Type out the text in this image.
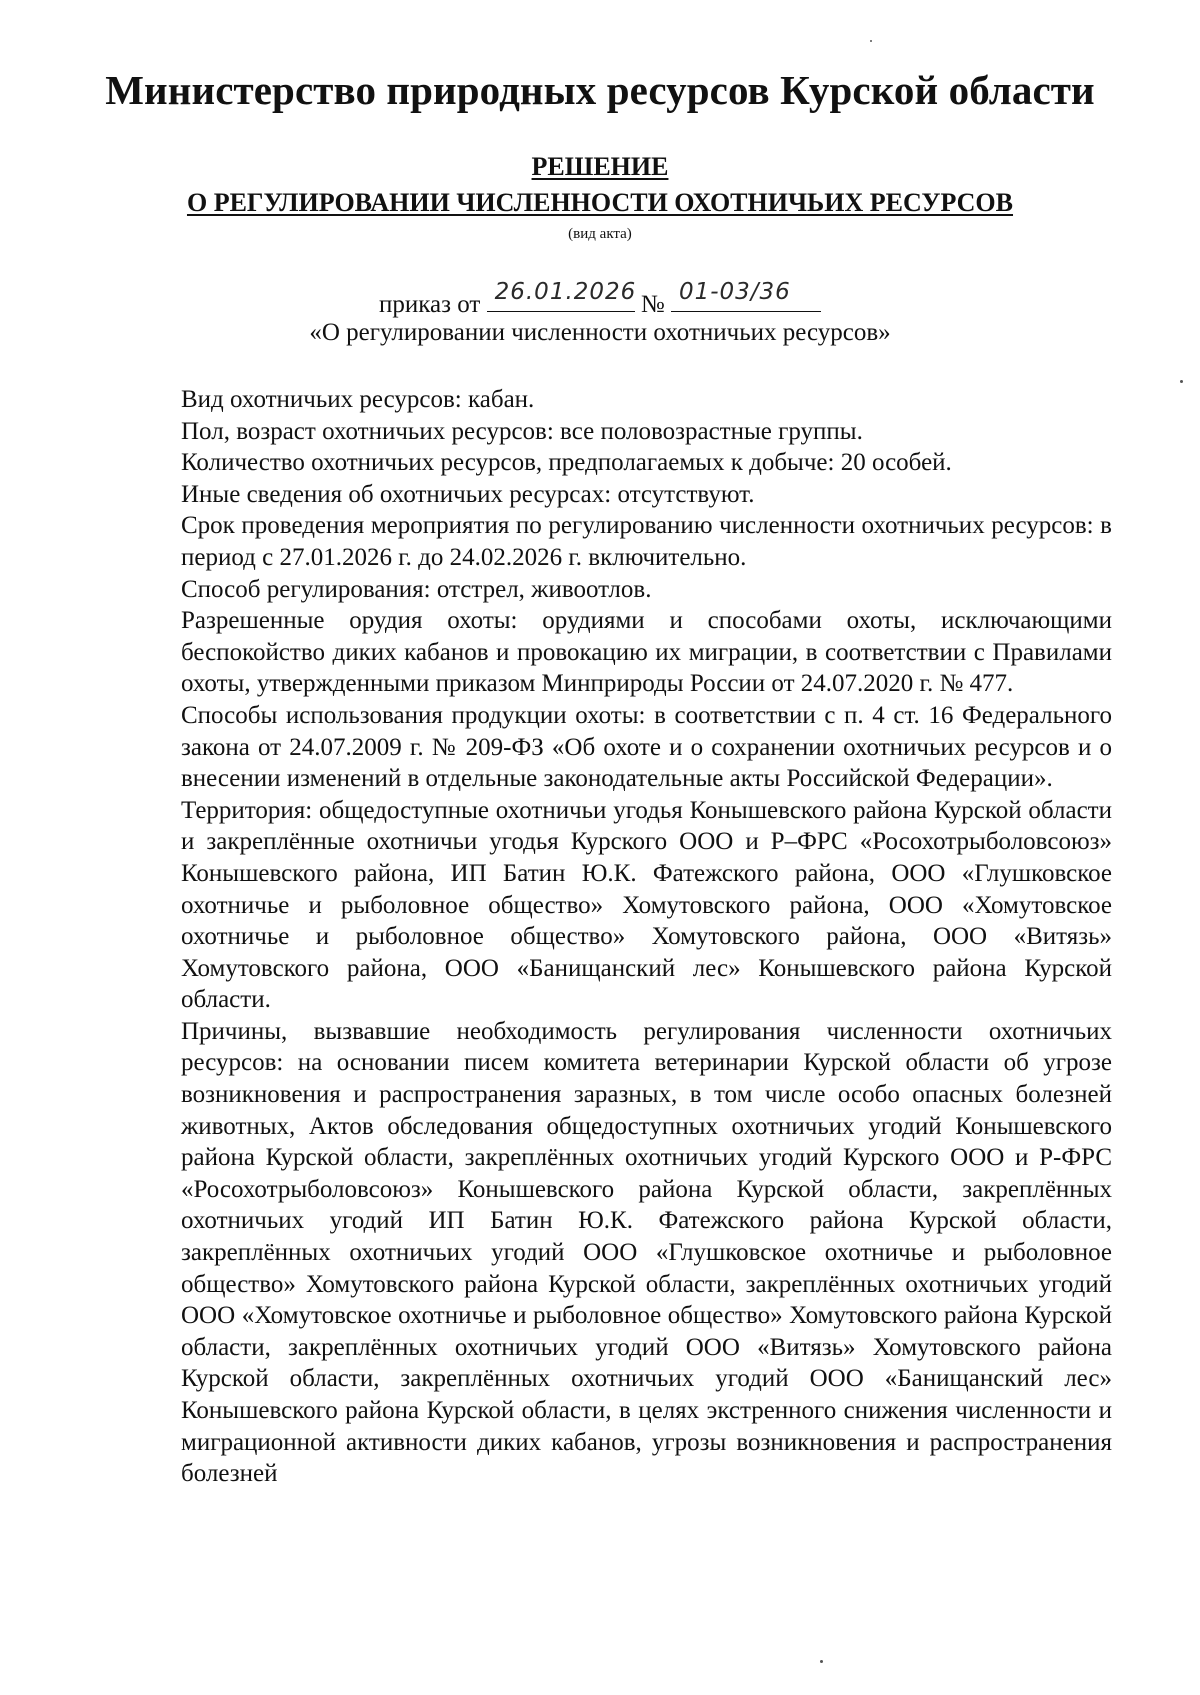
Министерство природных ресурсов Курской области
РЕШЕНИЕ
О РЕГУЛИРОВАНИИ ЧИСЛЕННОСТИ ОХОТНИЧЬИХ РЕСУРСОВ
(вид акта)
приказ от 26.01.2026 № 01-03/36
«О регулировании численности охотничьих ресурсов»

Вид охотничьих ресурсов: кабан.

Пол, возраст охотничьих ресурсов: все половозрастные группы.

Количество охотничьих ресурсов, предполагаемых к добыче: 20 особей.

Иные сведения об охотничьих ресурсах: отсутствуют.

Срок проведения мероприятия по регулированию численности охотничьих ресурсов: в период с 27.01.2026 г. до 24.02.2026 г. включительно.

Способ регулирования: отстрел, живоотлов.

Разрешенные орудия охоты: орудиями и способами охоты, исключающими беспокойство диких кабанов и провокацию их миграции, в соответствии с Правилами охоты, утвержденными приказом Минприроды России от 24.07.2020 г. № 477.

Способы использования продукции охоты: в соответствии с п. 4 ст. 16 Федерального закона от 24.07.2009 г. № 209-ФЗ «Об охоте и о сохранении охотничьих ресурсов и о внесении изменений в отдельные законодательные акты Российской Федерации».

Территория: общедоступные охотничьи угодья Конышевского района Курской области и закреплённые охотничьи угодья Курского ООО и Р–ФРС «Росохотрыболовсоюз» Конышевского района, ИП Батин Ю.К. Фатежского района, ООО «Глушковское охотничье и рыболовное общество» Хомутовского района, ООО «Хомутовское охотничье и рыболовное общество» Хомутовского района, ООО «Витязь» Хомутовского района, ООО «Банищанский лес» Конышевского района Курской области.

Причины, вызвавшие необходимость регулирования численности охотничьих ресурсов: на основании писем комитета ветеринарии Курской области об угрозе возникновения и распространения заразных, в том числе особо опасных болезней животных, Актов обследования общедоступных охотничьих угодий Конышевского района Курской области, закреплённых охотничьих угодий Курского ООО и Р-ФРС «Росохотрыболовсоюз» Конышевского района Курской области, закреплённых охотничьих угодий ИП Батин Ю.К. Фатежского района Курской области, закреплённых охотничьих угодий ООО «Глушковское охотничье и рыболовное общество» Хомутовского района Курской области, закреплённых охотничьих угодий ООО «Хомутовское охотничье и рыболовное общество» Хомутовского района Курской области, закреплённых охотничьих угодий ООО «Витязь» Хомутовского района Курской области, закреплённых охотничьих угодий ООО «Банищанский лес» Конышевского района Курской области, в целях экстренного снижения численности и миграционной активности диких кабанов, угрозы возникновения и распространения болезней
